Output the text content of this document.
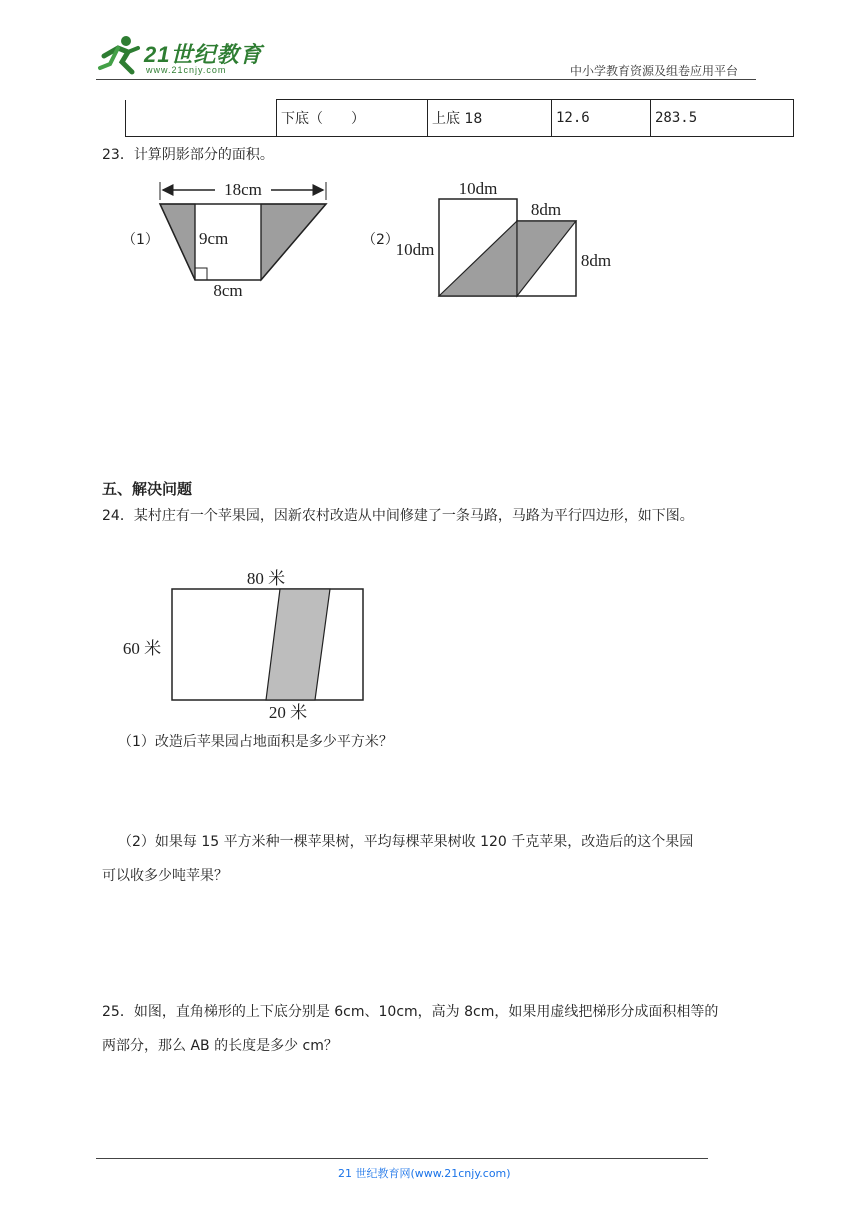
21世纪教育
www.21cnjy.com	中小学教育资源及组卷应用平台
	下底（　　）	上底 18	12.6	283.5
23．计算阴影部分的面积。
（1）
18cm
9cm
8cm
（2）
10dm
10dm
8dm
8dm
五、解决问题
24．某村庄有一个苹果园，因新农村改造从中间修建了一条马路，马路为平行四边形，如下图。
80 米
60 米
20 米
（1）改造后苹果园占地面积是多少平方米？
（2）如果每 15 平方米种一棵苹果树，平均每棵苹果树收 120 千克苹果，改造后的这个果园
可以收多少吨苹果？
25．如图，直角梯形的上下底分别是 6cm、10cm，高为 8cm，如果用虚线把梯形分成面积相等的
两部分，那么 AB 的长度是多少 cm？
21 世纪教育网(www.21cnjy.com)
